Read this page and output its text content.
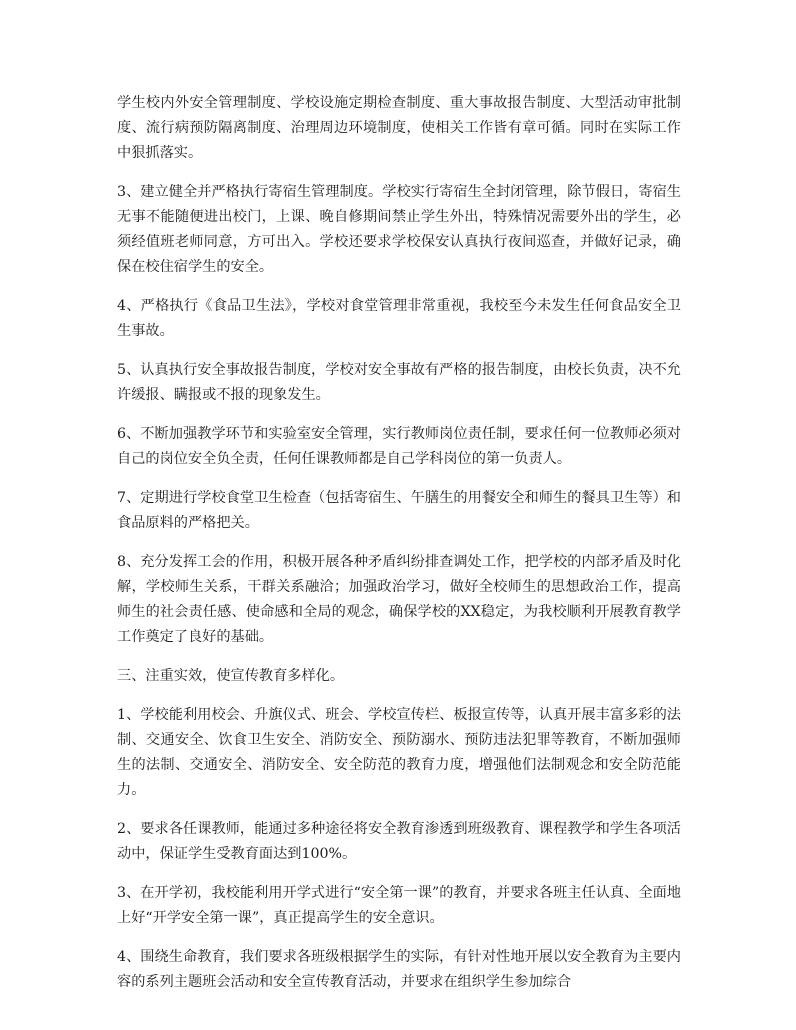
学生校内外安全管理制度、学校设施定期检查制度、重大事故报告制度、大型活动审批制度、流行病预防隔离制度、治理周边环境制度，使相关工作皆有章可循。同时在实际工作中狠抓落实。

3、建立健全并严格执行寄宿生管理制度。学校实行寄宿生全封闭管理，除节假日，寄宿生无事不能随便进出校门，上课、晚自修期间禁止学生外出，特殊情况需要外出的学生，必须经值班老师同意，方可出入。学校还要求学校保安认真执行夜间巡查，并做好记录，确保在校住宿学生的安全。

4、严格执行《食品卫生法》，学校对食堂管理非常重视，我校至今未发生任何食品安全卫生事故。

5、认真执行安全事故报告制度，学校对安全事故有严格的报告制度，由校长负责，决不允许缓报、瞒报或不报的现象发生。

6、不断加强教学环节和实验室安全管理，实行教师岗位责任制，要求任何一位教师必须对自己的岗位安全负全责，任何任课教师都是自己学科岗位的第一负责人。

7、定期进行学校食堂卫生检查（包括寄宿生、午膳生的用餐安全和师生的餐具卫生等）和食品原料的严格把关。

8、充分发挥工会的作用，积极开展各种矛盾纠纷排查调处工作，把学校的内部矛盾及时化解，学校师生关系，干群关系融洽；加强政治学习，做好全校师生的思想政治工作，提高师生的社会责任感、使命感和全局的观念，确保学校的XX稳定，为我校顺利开展教育教学工作奠定了良好的基础。

三、注重实效，使宣传教育多样化。

1、学校能利用校会、升旗仪式、班会、学校宣传栏、板报宣传等，认真开展丰富多彩的法制、交通安全、饮食卫生安全、消防安全、预防溺水、预防违法犯罪等教育，不断加强师生的法制、交通安全、消防安全、安全防范的教育力度，增强他们法制观念和安全防范能力。

2、要求各任课教师，能通过多种途径将安全教育渗透到班级教育、课程教学和学生各项活动中，保证学生受教育面达到100%。

3、在开学初，我校能利用开学式进行“安全第一课”的教育，并要求各班主任认真、全面地上好“开学安全第一课”，真正提高学生的安全意识。

4、围绕生命教育，我们要求各班级根据学生的实际，有针对性地开展以安全教育为主要内容的系列主题班会活动和安全宣传教育活动，并要求在组织学生参加综合
